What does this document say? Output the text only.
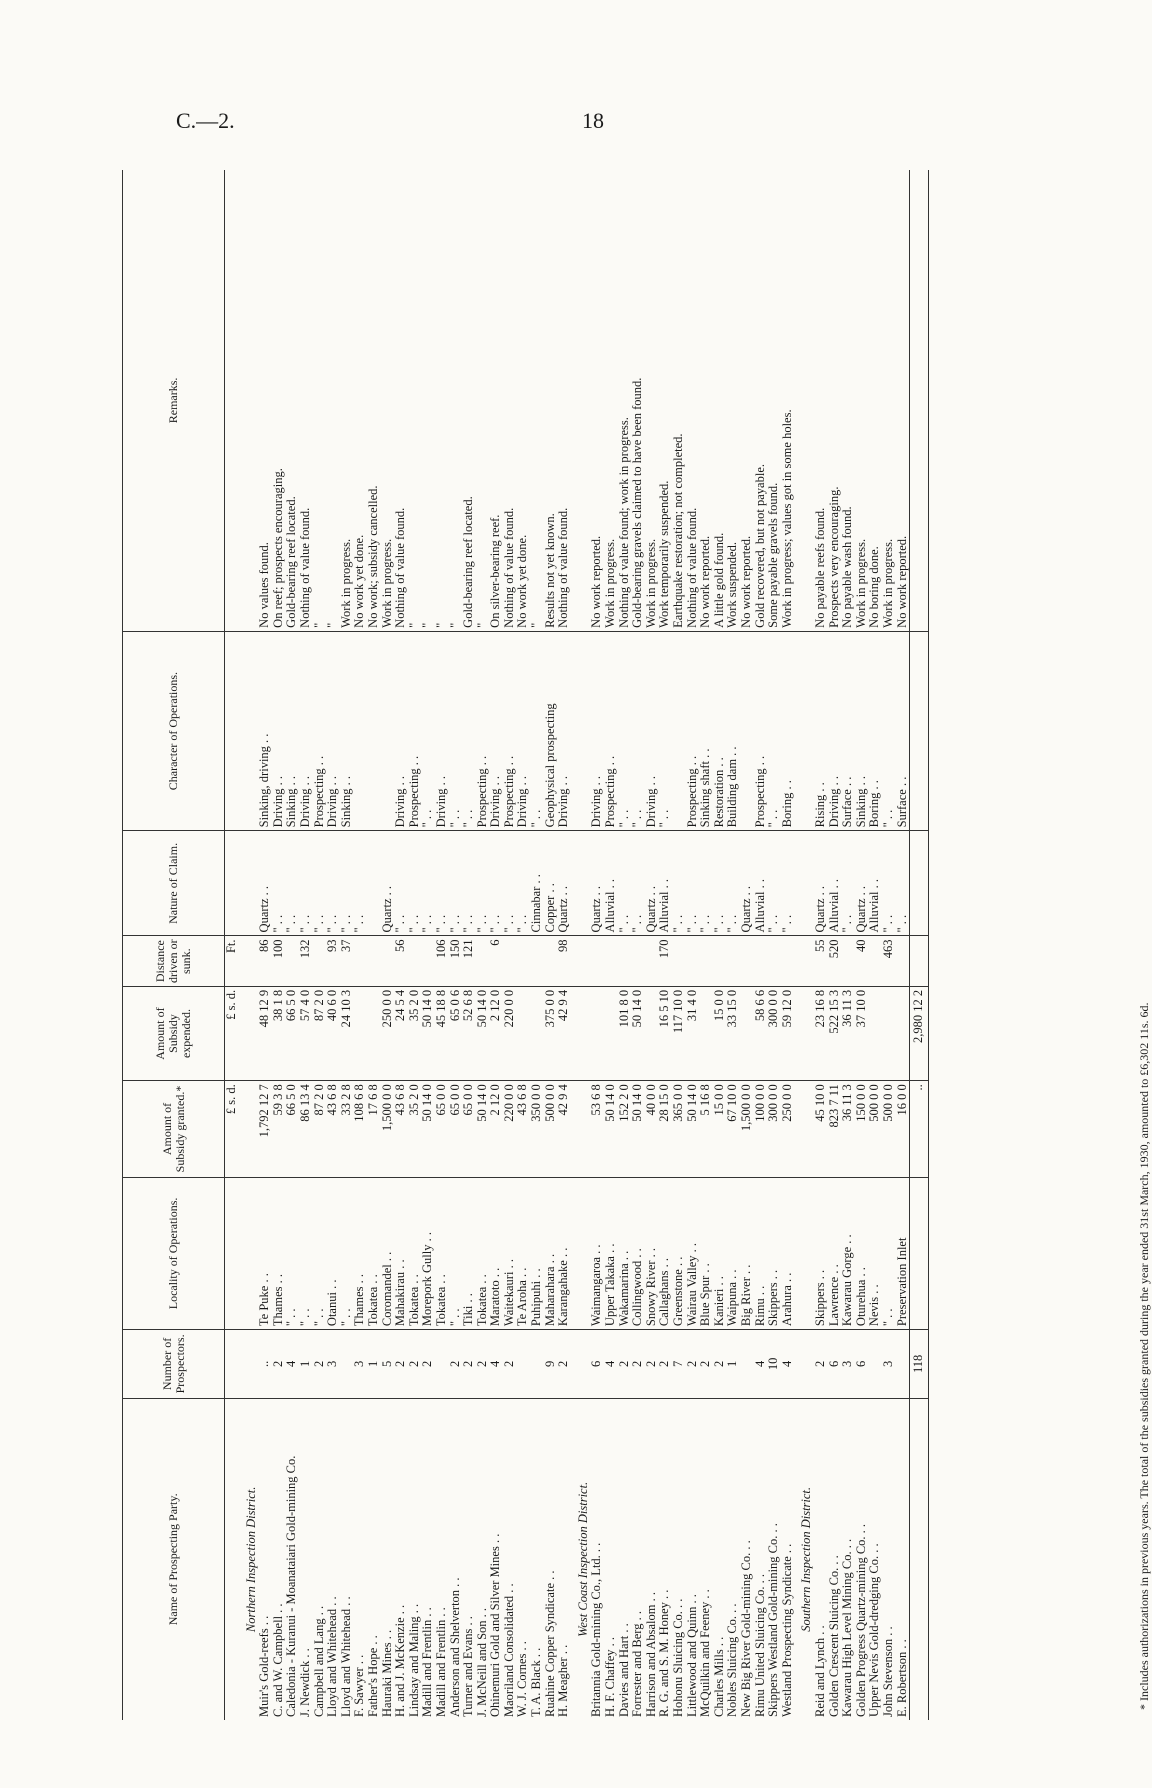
C.—2.	18
Name of Prospecting Party.	Number of Prospectors.	Locality of Operations.	Amount of Subsidy granted.*	Amount of Subsidy expended.	Distance driven or sunk.	Nature of Claim.	Character of Operations.	Remarks.
			£ s. d.	£ s. d.	Ft.			
Northern Inspection District.								
Muir's Gold-reefs . .	..	Te Puke . .	1,792 12 7	48 12 9	86	Quartz . .	Sinking, driving . .	No values found.
C. and W. Campbell . .	2	Thames . .	59 3 8	38 1 8	100	" . .	Driving . .	On reef; prospects encouraging.
Caledonia - Kuranui - Moanataiari Gold-mining Co.	4	" . .	66 5 0	66 5 0		" . .	Sinking . .	Gold-bearing reef located.
J. Newdick . .	1	" . .	86 13 4	57 4 0	132	" . .	Driving . .	Nothing of value found.
Campbell and Lang . .	2	" . .	87 2 0	87 2 0		" . .	Prospecting . .	"
Lloyd and Whitehead . .	3	Otanui . .	43 6 8	40 6 0	93	" . .	Driving . .	"
Lloyd and Whitehead . .		" . .	33 2 8	24 10 3	37	" . .	Sinking . .	Work in progress.
F. Sawyer . .	3	Thames . .	108 6 8			" . .		No work yet done.
Father's Hope . .	1	Tokatea . .	17 6 8					No work; subsidy cancelled.
Hauraki Mines . .	5	Coromandel . .	1,500 0 0	250 0 0		Quartz . .		Work in progress.
H. and J. McKenzie . .	2	Mahakirau . .	43 6 8	24 5 4	56	" . .	Driving . .	Nothing of value found.
Lindsay and Maling . .	2	Tokatea . .	35 2 0	35 2 0		" . .	Prospecting . .	"
Madill and Frentlin . .	2	Morepork Gully . .	50 14 0	50 14 0		" . .	" . .	"
Madill and Frentlin . .		Tokatea . .	65 0 0	45 18 8	106	" . .	Driving . .	"
Anderson and Shelverton . .	2	" . .	65 0 0	65 0 6	150	" . .	" . .	"
Turner and Evans . .	2	Tiki . .	65 0 0	52 6 8	121	" . .	" . .	Gold-bearing reef located.
J. McNeill and Son . .	2	Tokatea . .	50 14 0	50 14 0		" . .	Prospecting . .	"
Ohinemuri Gold and Silver Mines . .	4	Maratoto . .	2 12 0	2 12 0	6	" . .	Driving . .	On silver-bearing reef.
Maoriland Consolidated . .	2	Waitekauri . .	220 0 0	220 0 0		" . .	Prospecting . .	Nothing of value found.
W. J. Cornes . .		Te Aroha . .	43 6 8			" . .	Driving . .	No work yet done.
T. A. Black . .		Puhipuhi . .	350 0 0			Cinnabar . .	" . .	"
Ruahine Copper Syndicate . .	9	Maharahara . .	500 0 0	375 0 0		Copper . .	Geophysical prospecting	Results not yet known.
H. Meagher . .	2	Karangahake . .	42 9 4	42 9 4	98	Quartz . .	Driving . .	Nothing of value found.
West Coast Inspection District.								
Britannia Gold-mining Co., Ltd. . .	6	Waimangaroa . .	53 6 8			Quartz . .	Driving . .	No work reported.
H. F. Chaffey . .	4	Upper Takaka . .	50 14 0			Alluvial . .	Prospecting . .	Work in progress.
Davies and Hart . .	2	Wakamarina . .	152 2 0	101 8 0		" . .	" . .	Nothing of value found; work in progress.
Forrester and Berg . .	2	Collingwood . .	50 14 0	50 14 0		" . .	" . .	Gold-bearing gravels claimed to have been found.
Harrison and Absalom . .	2	Snowy River . .	40 0 0			Quartz . .	Driving . .	Work in progress.
R. G. and S. M. Honey . .	2	Callaghans . .	28 15 0	16 5 10	170	Alluvial . .	" . .	Work temporarily suspended.
Hohonu Sluicing Co. . .	7	Greenstone . .	365 0 0	117 10 0		" . .		Earthquake restoration; not completed.
Littlewood and Quinn . .	2	Wairau Valley . .	50 14 0	31 4 0		" . .	Prospecting . .	Nothing of value found.
McQuilkin and Feeney . .	2	Blue Spur . .	5 16 8			" . .	Sinking shaft . .	No work reported.
Charles Mills . .	2	Kanieri . .	15 0 0	15 0 0		" . .	Restoration . .	A little gold found.
Nobles Sluicing Co. . .	1	Waipuna . .	67 10 0	33 15 0		" . .	Building dam . .	Work suspended.
New Big River Gold-mining Co. . .		Big River . .	1,500 0 0			Quartz . .		No work reported.
Rimu United Sluicing Co. . .	4	Rimu . .	100 0 0	58 6 6		Alluvial . .	Prospecting . .	Gold recovered, but not payable.
Skippers Westland Gold-mining Co. . .	10	Skippers . .	300 0 0	300 0 0		" . .	" . .	Some payable gravels found.
Westland Prospecting Syndicate . .	4	Arahura . .	250 0 0	59 12 0		" . .	Boring . .	Work in progress; values got in some holes.
Southern Inspection District.								
Reid and Lynch . .	2	Skippers . .	45 10 0	23 16 8	55	Quartz . .	Rising . .	No payable reefs found.
Golden Crescent Sluicing Co. . .	6	Lawrence . .	823 7 11	522 15 3	520	Alluvial . .	Driving . .	Prospects very encouraging.
Kawarau High Level Mining Co. . .	3	Kawarau Gorge . .	36 11 3	36 11 3		" . .	Surface . .	No payable wash found.
Golden Progress Quartz-mining Co. . .	6	Oturehua . .	150 0 0	37 10 0	40	Quartz . .	Sinking . .	Work in progress.
Upper Nevis Gold-dredging Co. . .		Nevis . .	500 0 0			Alluvial . .	Boring . .	No boring done.
John Stevenson . .	3	" . .	500 0 0		463	" . .	" . .	Work in progress.
E. Robertson . .		Preservation Inlet	16 0 0			" . .	Surface . .	No work reported.
	118		..	2,980 12 2					* Includes authorizations in previous years. The total of the subsidies granted during the year ended 31st March, 1930, amounted to £6,302 11s. 6d.
